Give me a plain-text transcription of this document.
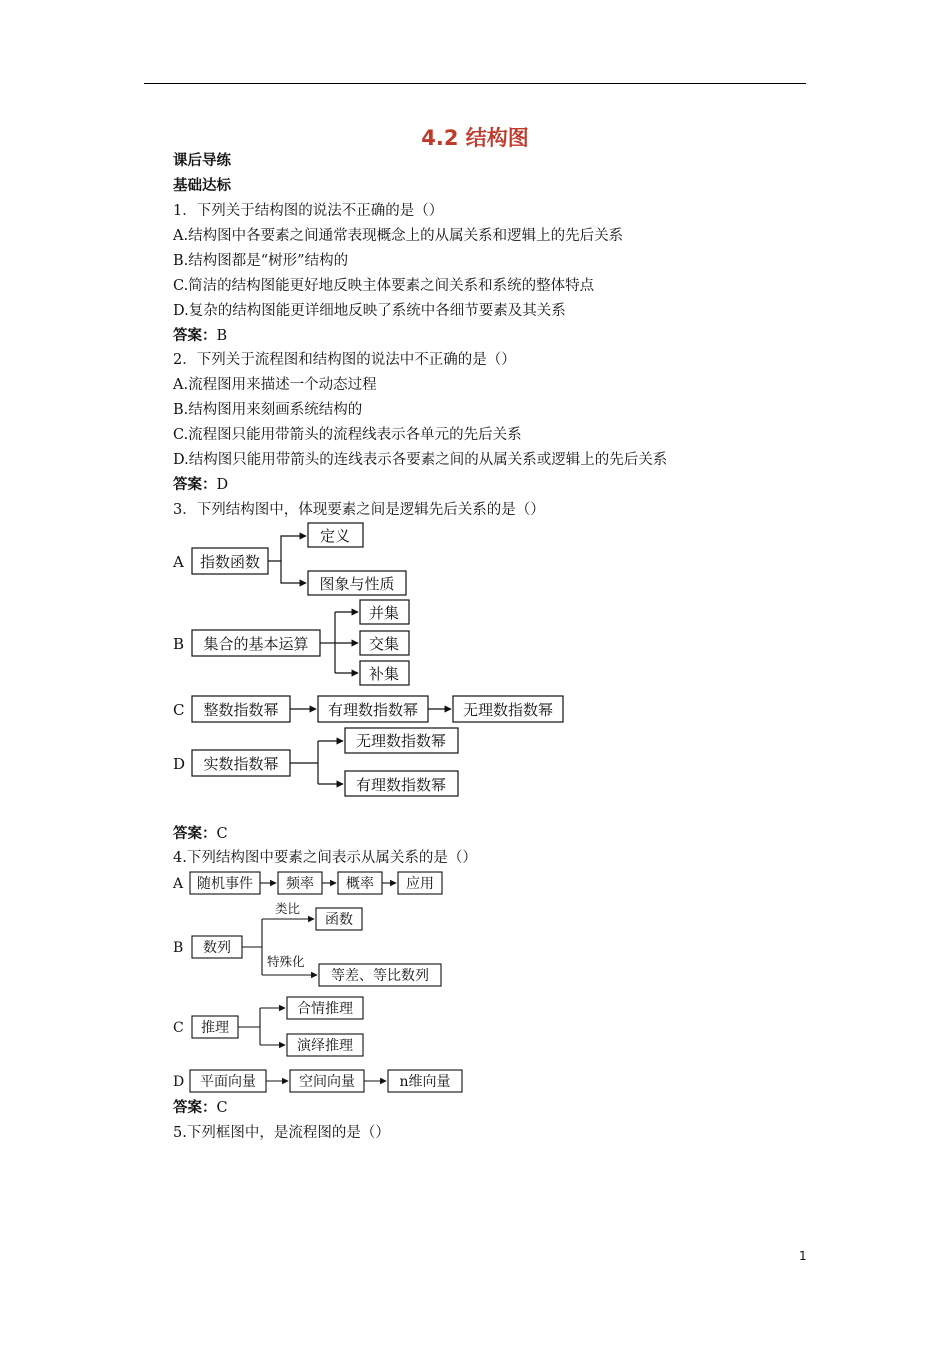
4.2 结构图
课后导练
基础达标
1．下列关于结构图的说法不正确的是（）
A.结构图中各要素之间通常表现概念上的从属关系和逻辑上的先后关系
B.结构图都是“树形”结构的
C.简洁的结构图能更好地反映主体要素之间关系和系统的整体特点
D.复杂的结构图能更详细地反映了系统中各细节要素及其关系
答案：B
2．下列关于流程图和结构图的说法中不正确的是（）
A.流程图用来描述一个动态过程
B.结构图用来刻画系统结构的
C.流程图只能用带箭头的流程线表示各单元的先后关系
D.结构图只能用带箭头的连线表示各要素之间的从属关系或逻辑上的先后关系
答案：D
3．下列结构图中，体现要素之间是逻辑先后关系的是（）
A 指数函数
定义
图象与性质
B 集合的基本运算
并集
交集
补集
C 整数指数幂	有理数指数幂	无理数指数幂
D 实数指数幂
无理数指数幂
有理数指数幂
答案：C
4.下列结构图中要素之间表示从属关系的是（）
A 随机事件 频率 概率 应用
B 数列
类比
特殊化
函数
等差、等比数列
C 推理
合情推理
演绎推理
D 平面向量	空间向量	n维向量
答案：C
5.下列框图中，是流程图的是（）
1
